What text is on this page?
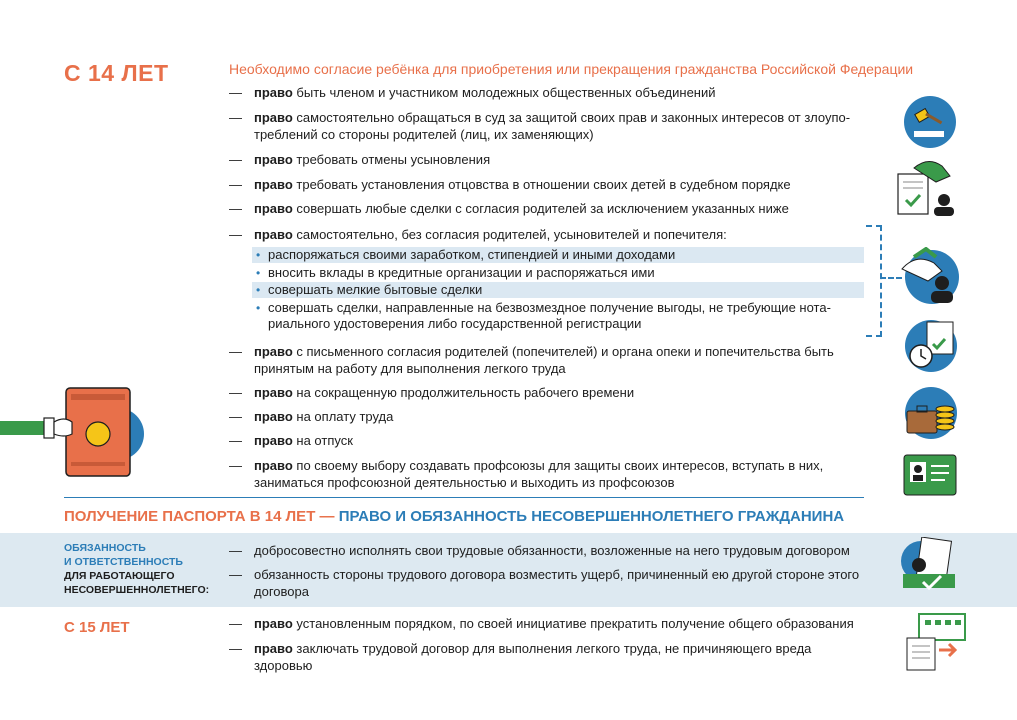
С 14 ЛЕТ	Необходимо согласие ребёнка для приобретения или прекращения гражданства Российской Федерации
— право быть членом и участником молодежных общественных объединений
— право самостоятельно обращаться в суд за защитой своих прав и законных интересов от злоупотреблений со стороны родителей (лиц, их заменяющих)
— право требовать отмены усыновления
— право требовать установления отцовства в отношении своих детей в судебном порядке
— право совершать любые сделки с согласия родителей за исключением указанных ниже
— право самостоятельно, без согласия родителей, усыновителей и попечителя:
• распоряжаться своими заработком, стипендией и иными доходами
• вносить вклады в кредитные организации и распоряжаться ими
• совершать мелкие бытовые сделки
• совершать сделки, направленные на безвозмездное получение выгоды, не требующие нотариального удостоверения либо государственной регистрации
— право с письменного согласия родителей (попечителей) и органа опеки и попечительства быть принятым на работу для выполнения легкого труда
— право на сокращенную продолжительность рабочего времени
— право на оплату труда
— право на отпуск
— право по своему выбору создавать профсоюзы для защиты своих интересов, вступать в них, заниматься профсоюзной деятельностью и выходить из профсоюзов
ПОЛУЧЕНИЕ ПАСПОРТА В 14 ЛЕТ — ПРАВО И ОБЯЗАННОСТЬ НЕСОВЕРШЕННОЛЕТНЕГО ГРАЖДАНИНА
ОБЯЗАННОСТЬ
И ОТВЕТСТВЕННОСТЬ
ДЛЯ РАБОТАЮЩЕГО
НЕСОВЕРШЕННОЛЕТНЕГО:
— добросовестно исполнять свои трудовые обязанности, возложенные на него трудовым договором
— обязанность стороны трудового договора возместить ущерб, причиненный ею другой стороне этого договора
С 15 ЛЕТ	— право установленным порядком, по своей инициативе прекратить получение общего образования
— право заключать трудовой договор для выполнения легкого труда, не причиняющего вреда здоровью
